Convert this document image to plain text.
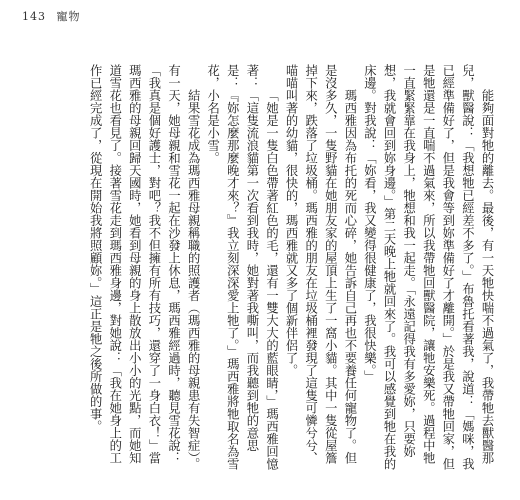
143 寵物

能夠面對牠的離去。最後，有一天牠快喘不過氣了，我帶牠去獸醫那兒，獸醫說：「我想牠已經差不多了。」布魯托看著我，說道：「媽咪，我已經準備好了，但是我會等到妳準備好了才離開。」於是我又帶牠回家，但是牠還是一直喘不過氣來，所以我帶牠回獸醫院，讓牠安樂死。過程中牠一直緊緊靠在我身上，牠想和我一起走。「永遠記得我有多愛妳，只要妳想，我就會回到妳身邊。」第二天晚上牠就回來了。我可以感覺到牠在我的床邊。對我說：「妳看，我又變得很健康了，我很快樂。」

瑪西雅因為布托的死而心碎，她告訴自己再也不要養任何寵物了。但是沒多久，一隻野貓在她朋友家的屋頂上生了一窩小貓。其中一隻從屋簷掉下來，跌落了垃圾桶。瑪西雅的朋友在垃圾桶裡發現了這隻可憐兮兮、喵喵叫著的幼貓，很快的，瑪西雅就又多了個新伴侶了。

「她是一隻白色帶著紅色的毛，還有一雙大大的藍眼睛，」瑪西雅回憶著：「這隻流浪貓第一次看到我時，她對著我嘶叫，而我聽到牠的意思是：『妳怎麼那麼晚才來？』我立刻深深愛上牠了。」瑪西雅將牠取名為雪花，小名是小雪。

結果雪花成為瑪西雅母親稱職的照護者（瑪西雅的母親患有失智症）。有一天，她母親和雪花一起在沙發上休息，瑪西雅經過時，聽見雪花說：「我真是個好護士，對吧？我不但擁有所有技巧，還穿了一身白衣！」當瑪西雅的母親回歸天國時，她看到母親的身上散放出小小的光點，而她知道雪花也看見了。接著雪花走到瑪西雅身邊，對她說：「我在她身上的工作已經完成了，從現在開始我將照顧妳。」這正是牠之後所做的事。
